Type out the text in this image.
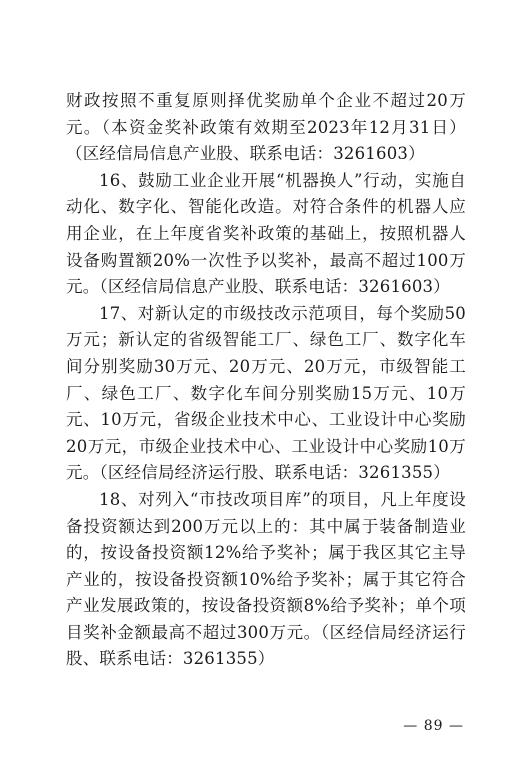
财政按照不重复原则择优奖励单个企业不超过20万元。（本资金奖补政策有效期至2023年12月31日）（区经信局信息产业股、联系电话：3261603）

16、鼓励工业企业开展“机器换人”行动，实施自动化、数字化、智能化改造。对符合条件的机器人应用企业，在上年度省奖补政策的基础上，按照机器人设备购置额20%一次性予以奖补，最高不超过100万元。（区经信局信息产业股、联系电话：3261603）

17、对新认定的市级技改示范项目，每个奖励50万元；新认定的省级智能工厂、绿色工厂、数字化车间分别奖励30万元、20万元、20万元，市级智能工厂、绿色工厂、数字化车间分别奖励15万元、10万元、10万元，省级企业技术中心、工业设计中心奖励20万元，市级企业技术中心、工业设计中心奖励10万元。（区经信局经济运行股、联系电话：3261355）

18、对列入“市技改项目库”的项目，凡上年度设备投资额达到200万元以上的：其中属于装备制造业的，按设备投资额12%给予奖补；属于我区其它主导产业的，按设备投资额10%给予奖补；属于其它符合产业发展政策的，按设备投资额8%给予奖补；单个项目奖补金额最高不超过300万元。（区经信局经济运行股、联系电话：3261355）

— 89 —
